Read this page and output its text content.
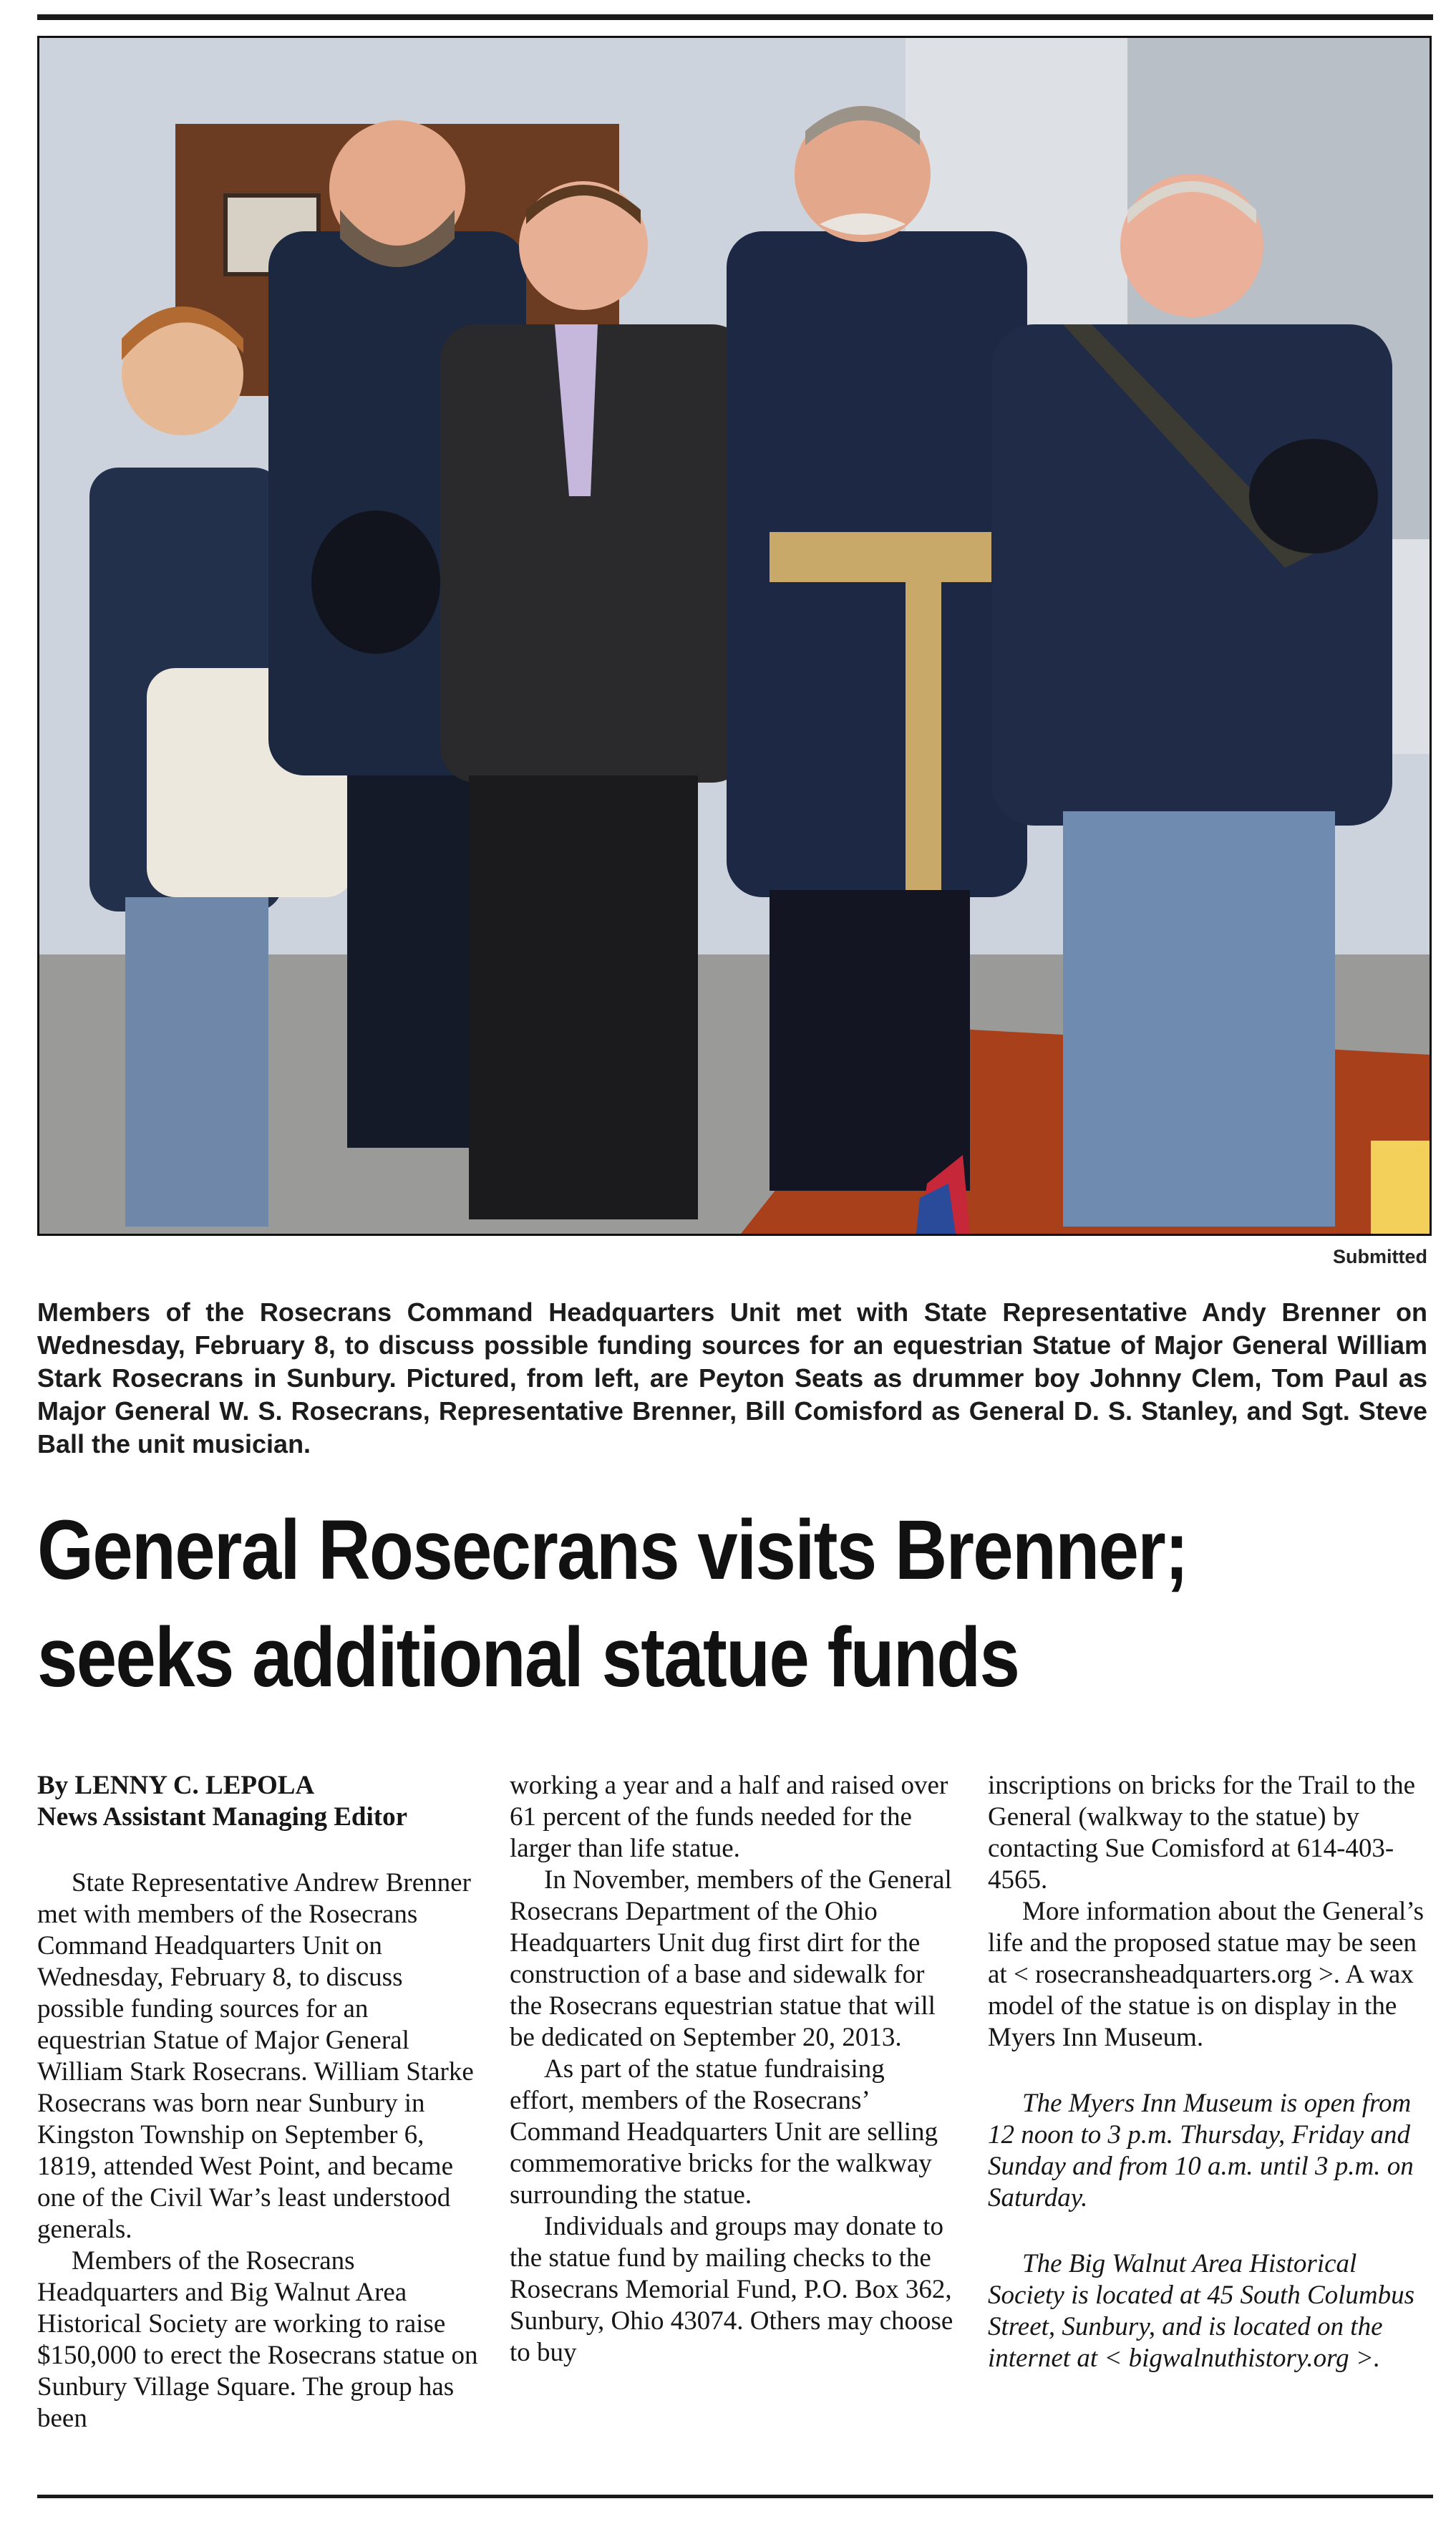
Submitted
Members of the Rosecrans Command Headquarters Unit met with State Representative Andy Brenner on Wednesday, February 8, to discuss possible funding sources for an equestrian Statue of Major General William Stark Rosecrans in Sunbury. Pictured, from left, are Peyton Seats as drummer boy Johnny Clem, Tom Paul as Major General W. S. Rosecrans, Representative Brenner, Bill Comisford as General D. S. Stanley, and Sgt. Steve Ball the unit musician.
General Rosecrans visits Brenner;
seeks additional statue funds

By LENNY C. LEPOLA

News Assistant Managing Editor

State Representative Andrew Brenner met with members of the Rosecrans Command Headquarters Unit on Wednesday, February 8, to discuss possible funding sources for an equestrian Statue of Major General William Stark Rosecrans. William Starke Rosecrans was born near Sunbury in Kingston Township on September 6, 1819, attended West Point, and became one of the Civil War’s least understood generals.

Members of the Rosecrans Headquarters and Big Walnut Area Historical Society are working to raise $150,000 to erect the Rosecrans statue on Sunbury Village Square. The group has been

working a year and a half and raised over 61 percent of the funds needed for the larger than life statue.

In November, members of the General Rosecrans Department of the Ohio Headquarters Unit dug first dirt for the construction of a base and sidewalk for the Rosecrans equestrian statue that will be dedicated on September 20, 2013.

As part of the statue fundraising effort, members of the Rosecrans’ Command Headquarters Unit are selling commemorative bricks for the walkway surrounding the statue.

Individuals and groups may donate to the statue fund by mailing checks to the Rosecrans Memorial Fund, P.O. Box 362, Sunbury, Ohio 43074. Others may choose to buy

inscriptions on bricks for the Trail to the General (walkway to the statue) by contacting Sue Comisford at 614-403-4565.

More information about the General’s life and the proposed statue may be seen at < rosecransheadquarters.org >. A wax model of the statue is on display in the Myers Inn Museum.

The Myers Inn Museum is open from 12 noon to 3 p.m. Thursday, Friday and Sunday and from 10 a.m. until 3 p.m. on Saturday.

The Big Walnut Area Historical Society is located at 45 South Columbus Street, Sunbury, and is located on the internet at < bigwalnuthistory.org >.
